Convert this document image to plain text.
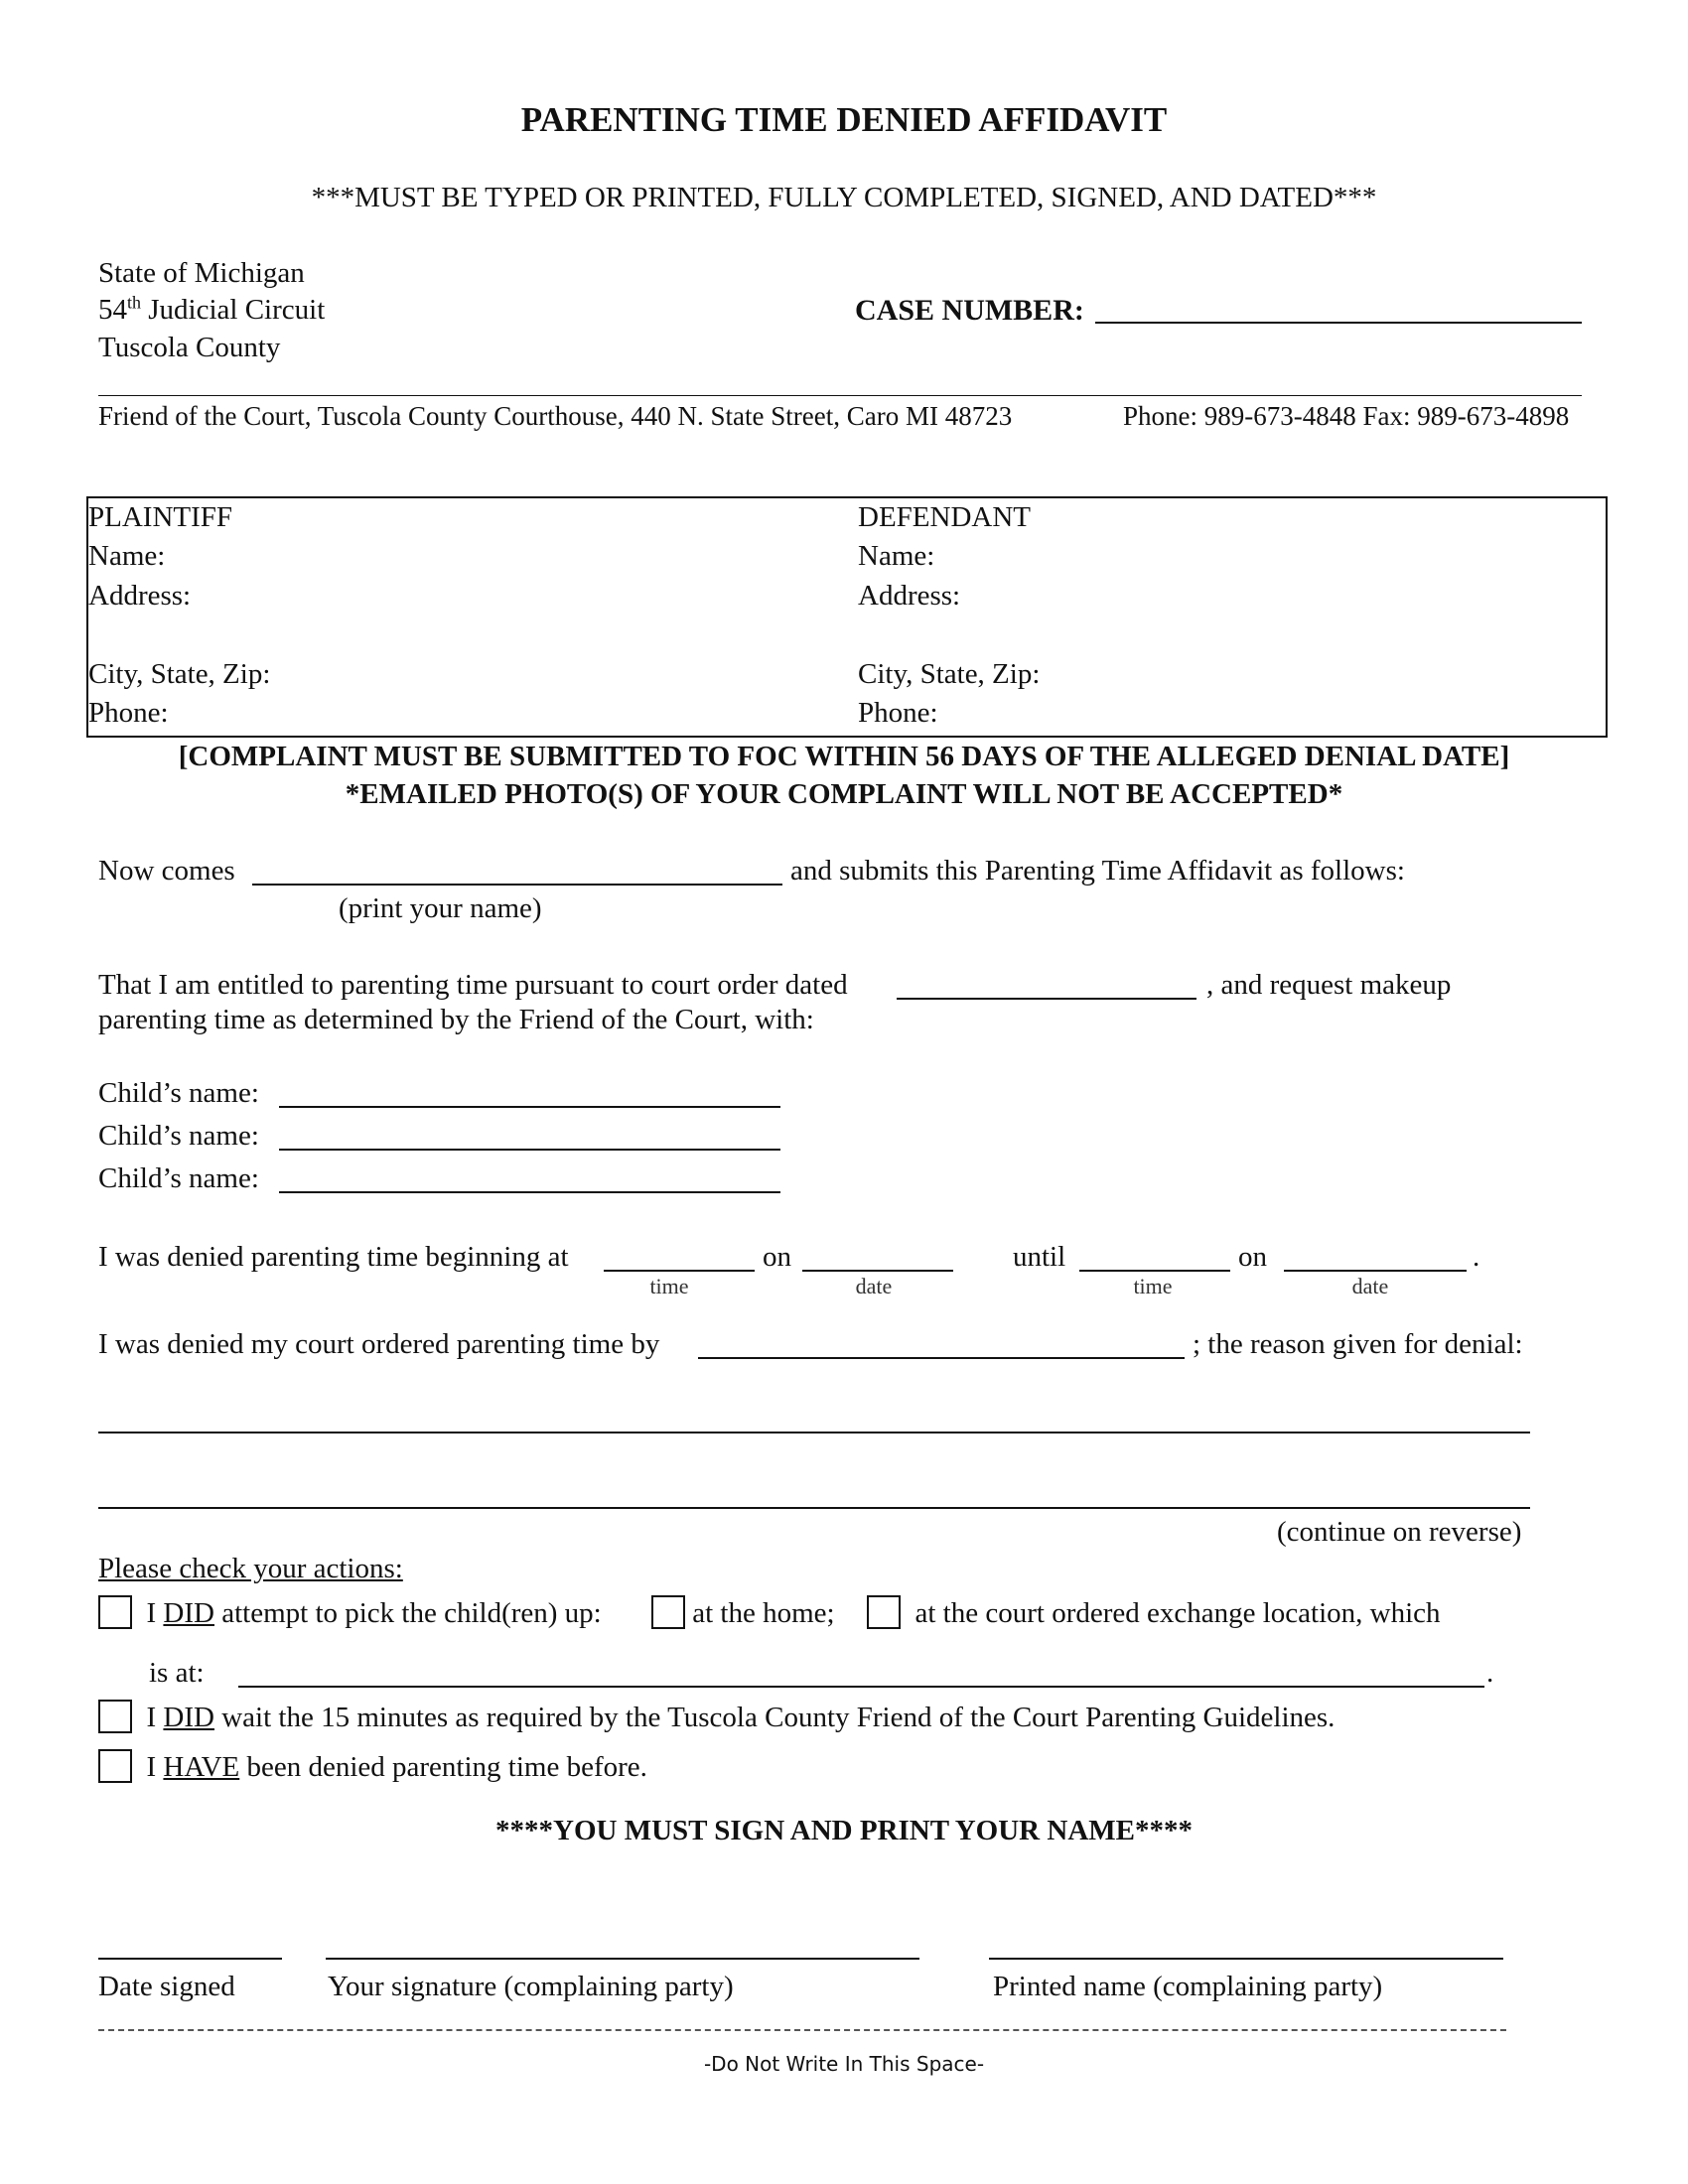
PARENTING TIME DENIED AFFIDAVIT
***MUST BE TYPED OR PRINTED, FULLY COMPLETED, SIGNED, AND DATED***
State of Michigan
54th Judicial Circuit
Tuscola County
CASE NUMBER:
Friend of the Court, Tuscola County Courthouse, 440 N. State Street, Caro MI 48723	Phone: 989-673-4848 Fax: 989-673-4898
PLAINTIFF
Name:
Address:
City, State, Zip:
Phone:
DEFENDANT
Name:
Address:
City, State, Zip:
Phone:
[COMPLAINT MUST BE SUBMITTED TO FOC WITHIN 56 DAYS OF THE ALLEGED DENIAL DATE]
*EMAILED PHOTO(S) OF YOUR COMPLAINT WILL NOT BE ACCEPTED*
Now comes	and submits this Parenting Time Affidavit as follows:
(print your name)
That I am entitled to parenting time pursuant to court order dated	, and request makeup
parenting time as determined by the Friend of the Court, with:
Child’s name:
Child’s name:
Child’s name:
I was denied parenting time beginning at	on	until	on	.
time	date	time	date
I was denied my court ordered parenting time by	; the reason given for denial:
(continue on reverse)
Please check your actions:
I DID attempt to pick the child(ren) up:	at the home;	at the court ordered exchange location, which
is at:	.
I DID wait the 15 minutes as required by the Tuscola County Friend of the Court Parenting Guidelines.
I HAVE been denied parenting time before.
****YOU MUST SIGN AND PRINT YOUR NAME****
Date signed	Your signature (complaining party)	Printed name (complaining party)
-Do Not Write In This Space-
